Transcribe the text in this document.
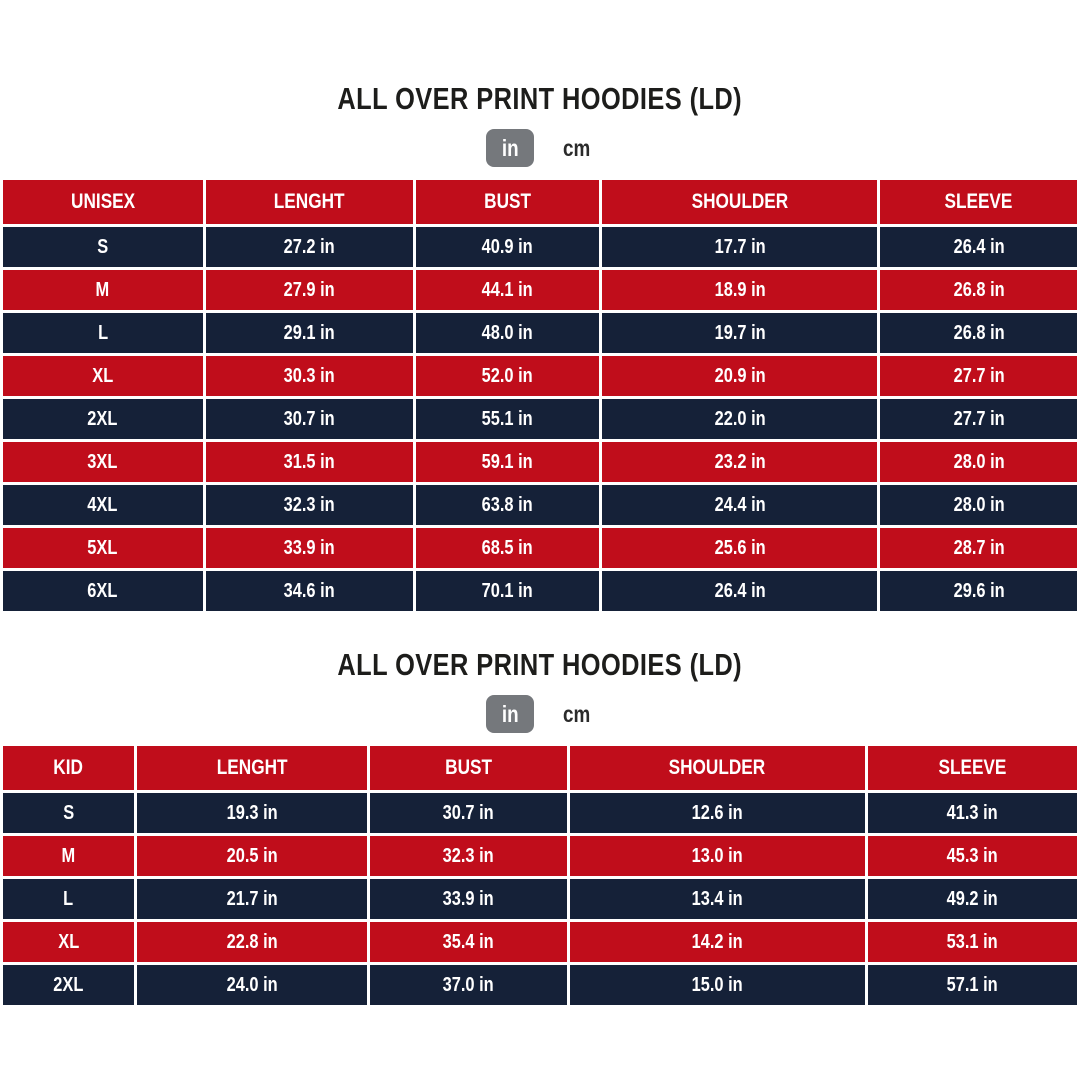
ALL OVER PRINT HOODIES (LD)
in cm
UNISEX	LENGHT	BUST	SHOULDER	SLEEVE
S	27.2 in	40.9 in	17.7 in	26.4 in
M	27.9 in	44.1 in	18.9 in	26.8 in
L	29.1 in	48.0 in	19.7 in	26.8 in
XL	30.3 in	52.0 in	20.9 in	27.7 in
2XL	30.7 in	55.1 in	22.0 in	27.7 in
3XL	31.5 in	59.1 in	23.2 in	28.0 in
4XL	32.3 in	63.8 in	24.4 in	28.0 in
5XL	33.9 in	68.5 in	25.6 in	28.7 in
6XL	34.6 in	70.1 in	26.4 in	29.6 in
ALL OVER PRINT HOODIES (LD)
in cm
KID	LENGHT	BUST	SHOULDER	SLEEVE
S	19.3 in	30.7 in	12.6 in	41.3 in
M	20.5 in	32.3 in	13.0 in	45.3 in
L	21.7 in	33.9 in	13.4 in	49.2 in
XL	22.8 in	35.4 in	14.2 in	53.1 in
2XL	24.0 in	37.0 in	15.0 in	57.1 in
